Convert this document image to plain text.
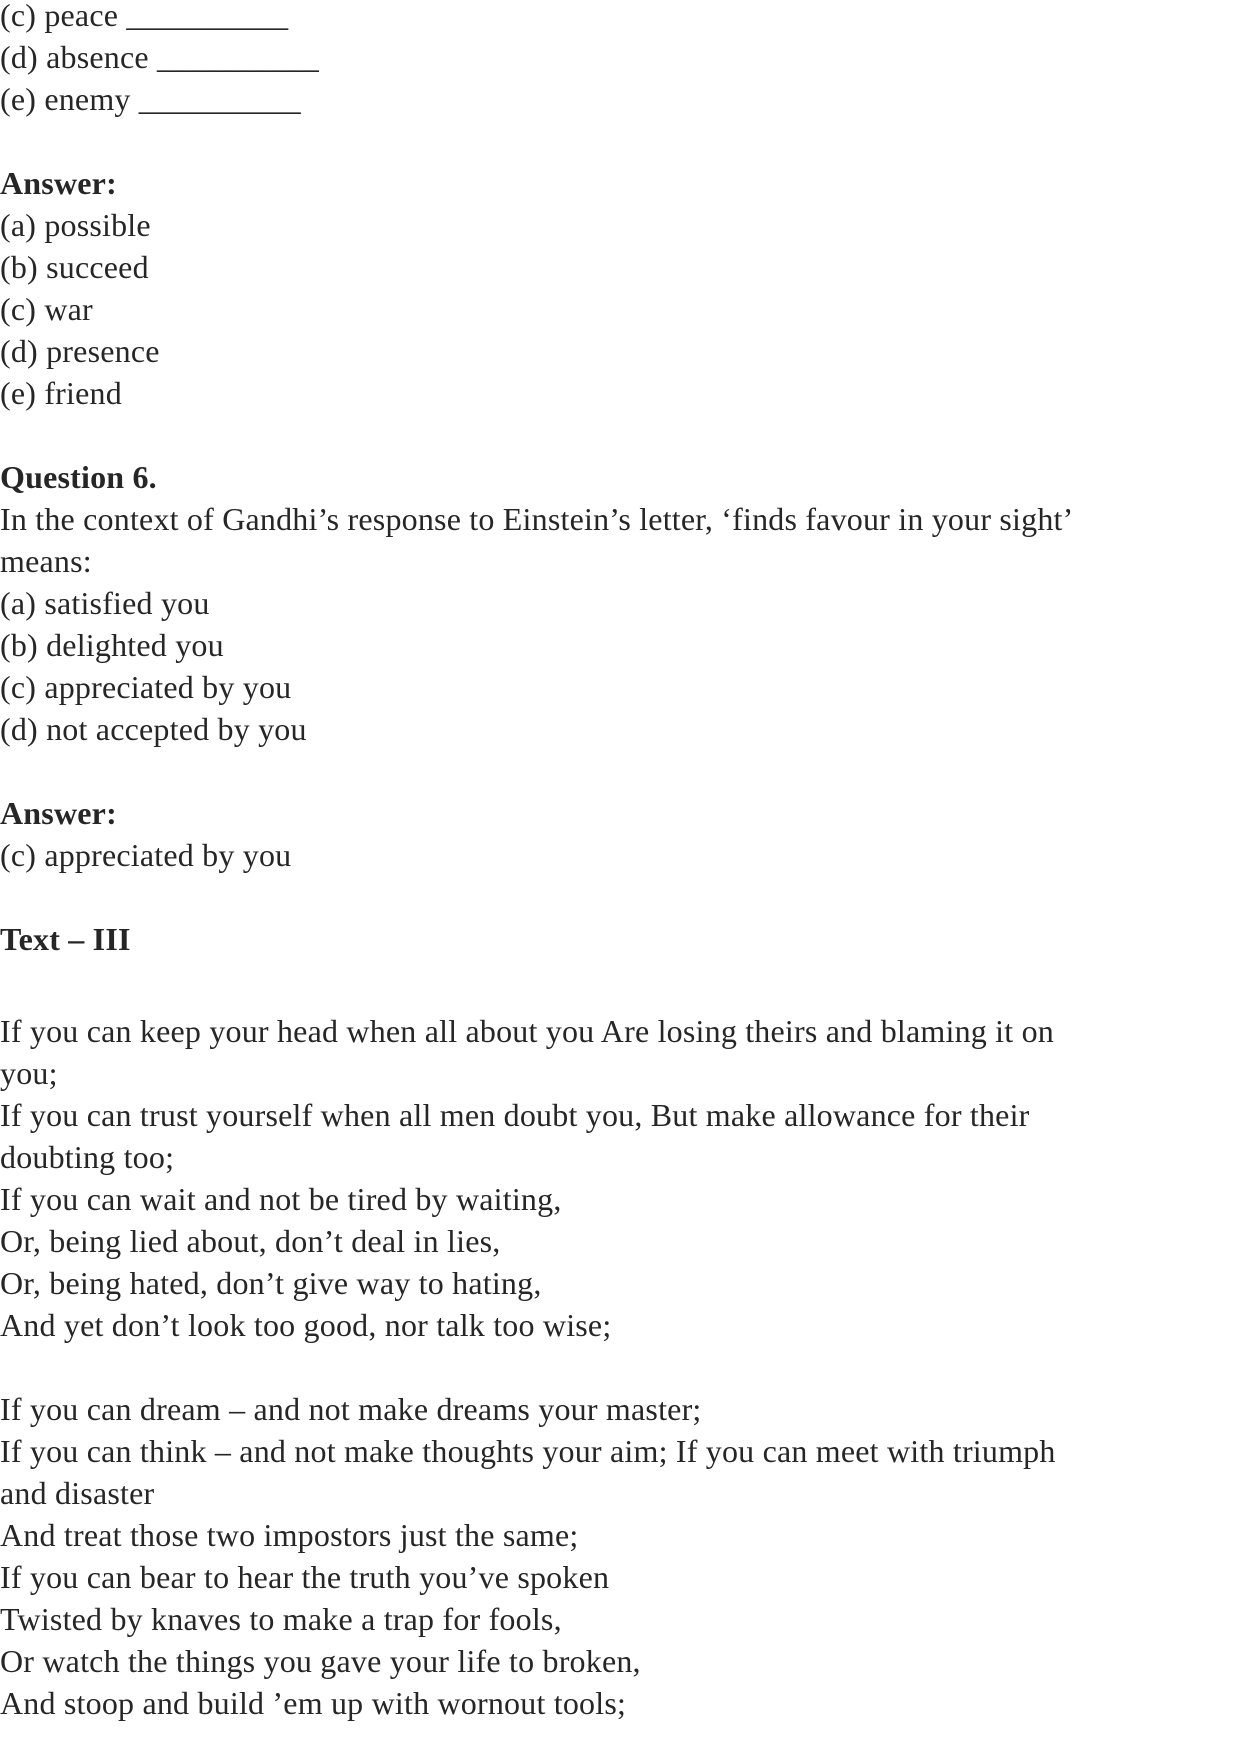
(c) peace __________
(d) absence __________
(e) enemy __________
Answer:
(a) possible
(b) succeed
(c) war
(d) presence
(e) friend
Question 6.
In the context of Gandhi’s response to Einstein’s letter, ‘finds favour in your sight’
means:
(a) satisfied you
(b) delighted you
(c) appreciated by you
(d) not accepted by you
Answer:
(c) appreciated by you
Text – III
If you can keep your head when all about you Are losing theirs and blaming it on
you;
If you can trust yourself when all men doubt you, But make allowance for their
doubting too;
If you can wait and not be tired by waiting,
Or, being lied about, don’t deal in lies,
Or, being hated, don’t give way to hating,
And yet don’t look too good, nor talk too wise;
If you can dream – and not make dreams your master;
If you can think – and not make thoughts your aim; If you can meet with triumph
and disaster
And treat those two impostors just the same;
If you can bear to hear the truth you’ve spoken
Twisted by knaves to make a trap for fools,
Or watch the things you gave your life to broken,
And stoop and build ’em up with wornout tools;
